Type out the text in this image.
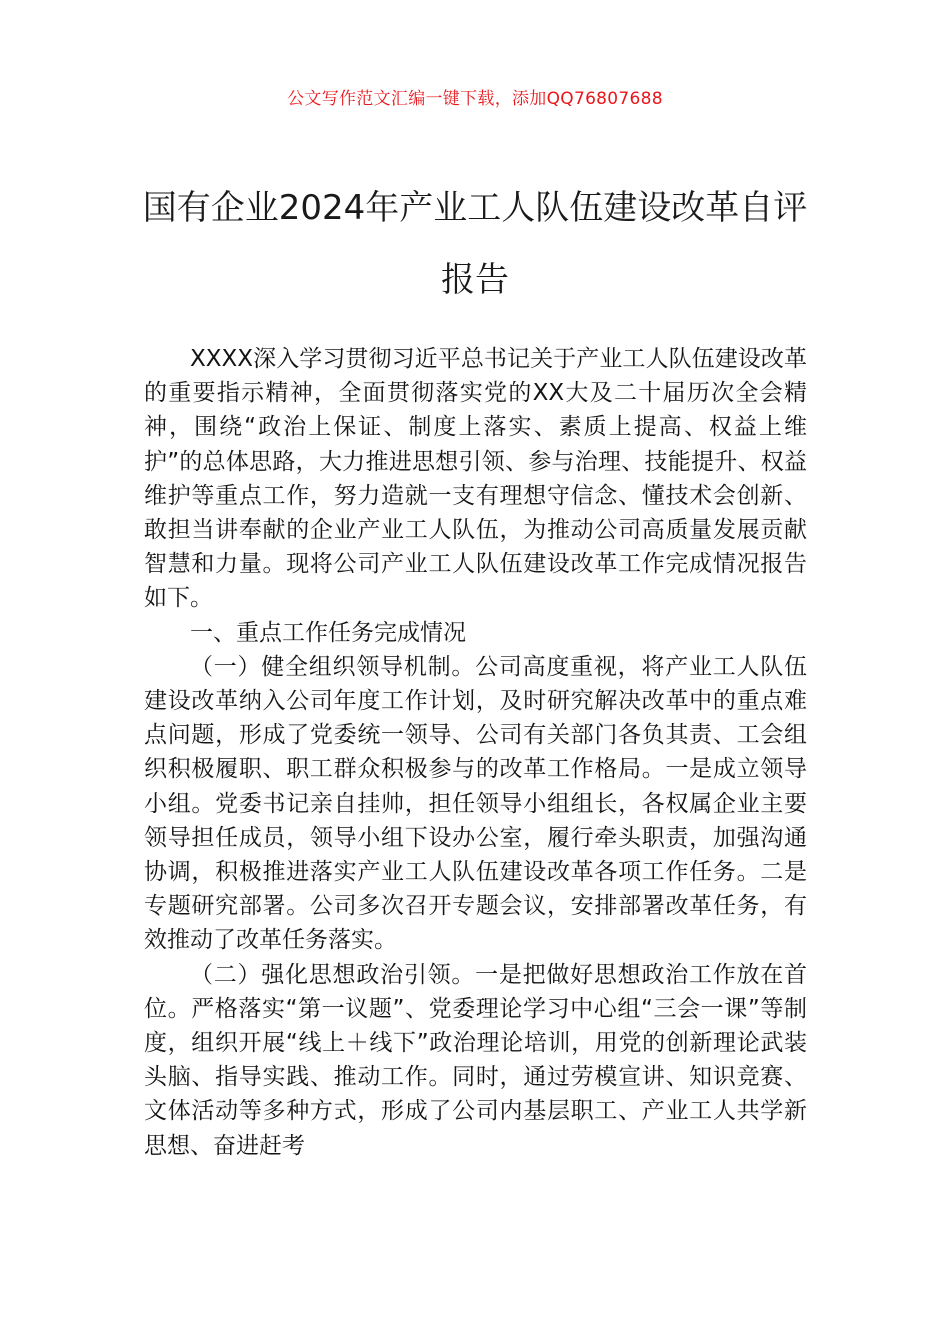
公文写作范文汇编一键下载，添加QQ76807688
国有企业2024年产业工人队伍建设改革自评报告

XXXX深入学习贯彻习近平总书记关于产业工人队伍建设改革的重要指示精神，全面贯彻落实党的XX大及二十届历次全会精神，围绕“政治上保证、制度上落实、素质上提高、权益上维护”的总体思路，大力推进思想引领、参与治理、技能提升、权益维护等重点工作，努力造就一支有理想守信念、懂技术会创新、敢担当讲奉献的企业产业工人队伍，为推动公司高质量发展贡献智慧和力量。现将公司产业工人队伍建设改革工作完成情况报告如下。

一、重点工作任务完成情况

（一）健全组织领导机制。公司高度重视，将产业工人队伍建设改革纳入公司年度工作计划，及时研究解决改革中的重点难点问题，形成了党委统一领导、公司有关部门各负其责、工会组织积极履职、职工群众积极参与的改革工作格局。一是成立领导小组。党委书记亲自挂帅，担任领导小组组长，各权属企业主要领导担任成员，领导小组下设办公室，履行牵头职责，加强沟通协调，积极推进落实产业工人队伍建设改革各项工作任务。二是专题研究部署。公司多次召开专题会议，安排部署改革任务，有效推动了改革任务落实。

（二）强化思想政治引领。一是把做好思想政治工作放在首位。严格落实“第一议题”、党委理论学习中心组“三会一课”等制度，组织开展“线上＋线下”政治理论培训，用党的创新理论武装头脑、指导实践、推动工作。同时，通过劳模宣讲、知识竞赛、文体活动等多种方式，形成了公司内基层职工、产业工人共学新思想、奋进赶考
